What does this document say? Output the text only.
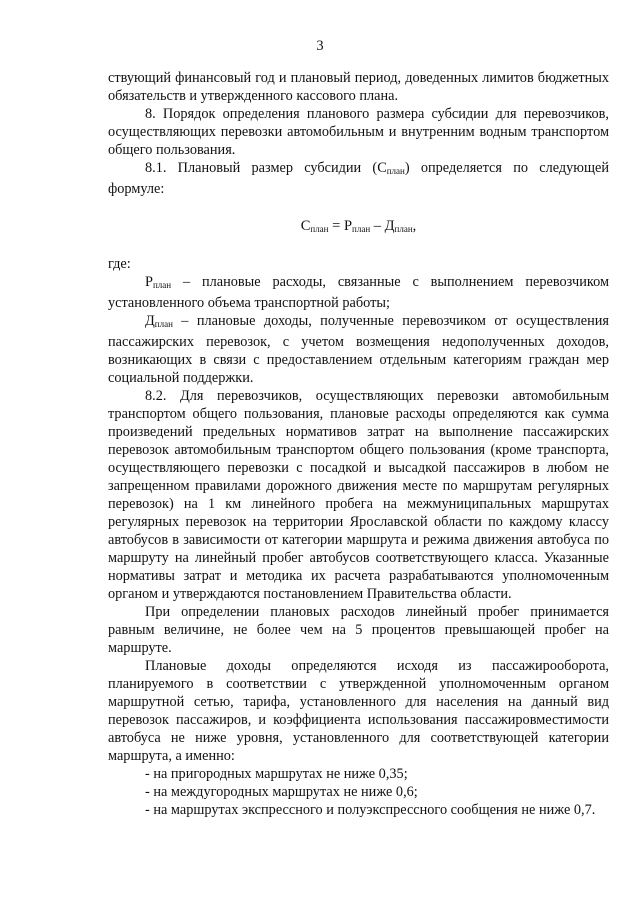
3

ствующий финансовый год и плановый период, доведенных лимитов бюджетных обязательств и утвержденного кассового плана.

8. Порядок определения планового размера субсидии для перевозчиков, осуществляющих перевозки автомобильным и внутренним водным транспортом общего пользования.

8.1. Плановый размер субсидии $(С_{план})$ определяется по следующей формуле:

$С_{план} = Р_{план} - Д_{план}$,

где:

$Р_{план}$ – плановые расходы, связанные с выполнением перевозчиком установленного объема транспортной работы;

$Д_{план}$ – плановые доходы, полученные перевозчиком от осуществления пассажирских перевозок, с учетом возмещения недополученных доходов, возникающих в связи с предоставлением отдельным категориям граждан мер социальной поддержки.

8.2. Для перевозчиков, осуществляющих перевозки автомобильным транспортом общего пользования, плановые расходы определяются как сумма произведений предельных нормативов затрат на выполнение пассажирских перевозок автомобильным транспортом общего пользования (кроме транспорта, осуществляющего перевозки с посадкой и высадкой пассажиров в любом не запрещенном правилами дорожного движения месте по маршрутам регулярных перевозок) на 1 км линейного пробега на межмуниципальных маршрутах регулярных перевозок на территории Ярославской области по каждому классу автобусов в зависимости от категории маршрута и режима движения автобуса по маршруту на линейный пробег автобусов соответствующего класса. Указанные нормативы затрат и методика их расчета разрабатываются уполномоченным органом и утверждаются постановлением Правительства области.

При определении плановых расходов линейный пробег принимается равным величине, не более чем на 5 процентов превышающей пробег на маршруте.

Плановые доходы определяются исходя из пассажирооборота, планируемого в соответствии с утвержденной уполномоченным органом маршрутной сетью, тарифа, установленного для населения на данный вид перевозок пассажиров, и коэффициента использования пассажировместимости автобуса не ниже уровня, установленного для соответствующей категории маршрута, а именно:

- на пригородных маршрутах не ниже 0,35;

- на междугородных маршрутах не ниже 0,6;

- на маршрутах экспрессного и полуэкспрессного сообщения не ниже 0,7.
